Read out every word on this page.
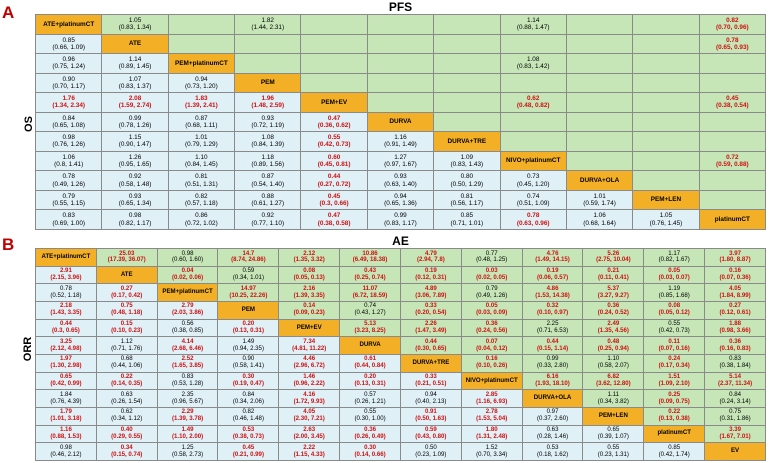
A	PFS
OS
ATE+platinumCT	1.05
(0.83, 1.34)		1.82
(1.44, 2.31)				1.14
(0.88, 1.47)			0.82
(0.70, 0.96)

0.85
(0.66, 1.09)	ATE									0.78
(0.65, 0.93)

0.96
(0.75, 1.24)	1.14
(0.89, 1.45)	PEM+platinumCT					1.08
(0.83, 1.42)			

0.90
(0.70, 1.17)	1.07
(0.83, 1.37)	0.94
(0.73, 1.20)	PEM							

1.76
(1.34, 2.34)	2.08
(1.59, 2.74)	1.83
(1.39, 2.41)	1.96
(1.48, 2.59)	PEM+EV			0.62
(0.48, 0.82)			0.45
(0.38, 0.54)

0.84
(0.65, 1.08)	0.99
(0.78, 1.26)	0.87
(0.68, 1.11)	0.93
(0.72, 1.19)	0.47
(0.36, 0.62)	DURVA					

0.98
(0.76, 1.26)	1.15
(0.90, 1.47)	1.01
(0.79, 1.29)	1.08
(0.84, 1.39)	0.55
(0.42, 0.73)	1.16
(0.91, 1.49)	DURVA+TRE				

1.06
(0.8, 1.41)	1.26
(0.95, 1.65)	1.10
(0.84, 1.45)	1.18
(0.89, 1.56)	0.60
(0.45, 0.81)	1.27
(0.97, 1.67)	1.09
(0.83, 1.43)	NIVO+platinumCT			0.72
(0.59, 0.88)

0.78
(0.49, 1.26)	0.92
(0.58, 1.48)	0.81
(0.51, 1.31)	0.87
(0.54, 1.40)	0.44
(0.27, 0.72)	0.93
(0.63, 1.40)	0.80
(0.50, 1.29)	0.73
(0.45, 1.20)	DURVA+OLA		

0.79
(0.55, 1.15)	0.93
(0.65, 1.34)	0.82
(0.57, 1.18)	0.88
(0.61, 1.27)	0.45
(0.3, 0.66)	0.94
(0.65, 1.36)	0.81
(0.56, 1.17)	0.74
(0.51, 1.09)	1.01
(0.59, 1.74)	PEM+LEN	

0.83
(0.69, 1.00)	0.98
(0.82, 1.17)	0.86
(0.72, 1.02)	0.92
(0.77, 1.10)	0.47
(0.38, 0.58)	0.99
(0.83, 1.17)	0.85
(0.71, 1.01)	0.78
(0.63, 0.96)	1.06
(0.68, 1.64)	1.05
(0.76, 1.45)	platinumCT
B	AE
ORR
ATE+platinumCT	25.03
(17.39, 36.07)	0.98
(0.60, 1.60)	14.7
(8.74, 24.86)	2.12
(1.35, 3.32)	10.86
(6.49, 18.38)	4.79
(2.94, 7.8)	0.77
(0.48, 1.25)	4.76
(1.49, 14.15)	5.26
(2.75, 10.04)	1.17
(0.82, 1.67)	3.97
(1.80, 8.87)

2.91
(2.15, 3.96)	ATE	0.04
(0.02, 0.06)	0.59
(0.34, 1.01)	0.08
(0.05, 0.13)	0.43
(0.25, 0.74)	0.19
(0.12, 0.31)	0.03
(0.02, 0.05)	0.19
(0.06, 0.57)	0.21
(0.11, 0.41)	0.05
(0.03, 0.07)	0.16
(0.07, 0.36)

0.78
(0.52, 1.18)	0.27
(0.17, 0.42)	PEM+platinumCT	14.97
(10.25, 22.26)	2.16
(1.39, 3.35)	11.07
(6.72, 18.59)	4.89
(3.06, 7.89)	0.79
(0.49, 1.26)	4.86
(1.53, 14.38)	5.37
(3.27, 9.27)	1.19
(0.85, 1.68)	4.05
(1.84, 8.99)

2.18
(1.43, 3.35)	0.75
(0.48, 1.18)	2.79
(2.03, 3.86)	PEM	0.14
(0.09, 0.23)	0.74
(0.43, 1.27)	0.33
(0.20, 0.54)	0.05
(0.03, 0.09)	0.32
(0.10, 0.97)	0.36
(0.24, 0.52)	0.08
(0.05, 0.12)	0.27
(0.12, 0.61)

0.44
(0.3, 0.65)	0.15
(0.10, 0.23)	0.56
(0.38, 0.85)	0.20
(0.13, 0.31)	PEM+EV	5.13
(3.23, 8.25)	2.26
(1.47, 3.49)	0.36
(0.24, 0.56)	2.25
(0.71, 6.53)	2.49
(1.35, 4.56)	0.55
(0.42, 0.73)	1.88
(0.98, 3.66)

3.25
(2.12, 4.98)	1.12
(0.71, 1.76)	4.14
(2.68, 6.46)	1.49
(0.94, 2.35)	7.34
(4.81, 11.22)	DURVA	0.44
(0.30, 0.65)	0.07
(0.04, 0.12)	0.44
(0.15, 1.14)	0.48
(0.25, 0.94)	0.11
(0.07, 0.16)	0.36
(0.16, 0.83)

1.97
(1.30, 2.98)	0.68
(0.44, 1.06)	2.52
(1.65, 3.85)	0.90
(0.58, 1.41)	4.46
(2.96, 6.72)	0.61
(0.44, 0.84)	DURVA+TRE	0.16
(0.10, 0.26)	0.99
(0.33, 2.80)	1.10
(0.58, 2.07)	0.24
(0.17, 0.34)	0.83
(0.38, 1.84)

0.65
(0.42, 0.99)	0.22
(0.14, 0.35)	0.83
(0.53, 1.28)	0.30
(0.19, 0.47)	1.46
(0.96, 2.22)	0.20
(0.13, 0.31)	0.33
(0.21, 0.51)	NIVO+platinumCT	6.16
(1.93, 18.10)	6.82
(3.62, 12.80)	1.51
(1.09, 2.10)	5.14
(2.37, 11.34)

1.84
(0.76, 4.39)	0.63
(0.26, 1.54)	2.35
(0.96, 5.67)	0.84
(0.34, 2.06)	4.16
(1.72, 9.93)	0.57
(0.26, 1.21)	0.94
(0.40, 2.13)	2.85
(1.16, 6.93)	DURVA+OLA	1.11
(0.34, 3.82)	0.25
(0.09, 0.75)	0.84
(0.24, 3.14)

1.79
(1.01, 3.18)	0.62
(0.34, 1.12)	2.29
(1.39, 3.78)	0.82
(0.46, 1.48)	4.05
(2.30, 7.21)	0.55
(0.30, 1.00)	0.91
(0.50, 1.63)	2.78
(1.53, 5.04)	0.97
(0.37, 2.60)	PEM+LEN	0.22
(0.13, 0.38)	0.75
(0.31, 1.86)

1.16
(0.88, 1.53)	0.40
(0.29, 0.55)	1.49
(1.10, 2.00)	0.53
(0.38, 0.73)	2.63
(2.00, 3.45)	0.36
(0.26, 0.49)	0.59
(0.43, 0.80)	1.80
(1.31, 2.48)	0.63
(0.28, 1.46)	0.65
(0.39, 1.07)	platinumCT	3.39
(1.67, 7.01)

0.98
(0.46, 2.12)	0.34
(0.15, 0.74)	1.25
(0.58, 2.73)	0.45
(0.21, 0.99)	2.22
(1.15, 4.33)	0.30
(0.14, 0.66)	0.50
(0.23, 1.09)	1.52
(0.70, 3.34)	0.53
(0.18, 1.62)	0.55
(0.23, 1.31)	0.85
(0.42, 1.74)	EV
